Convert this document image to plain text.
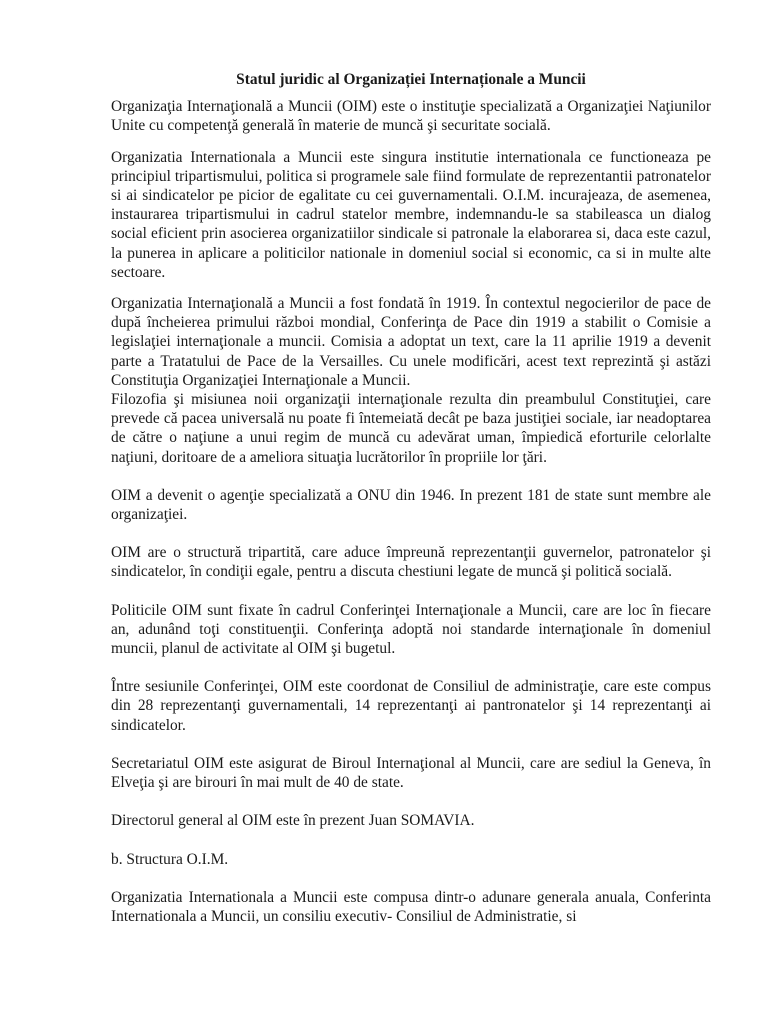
Statul juridic al Organizației Internaționale a Muncii

Organizaţia Internaţională a Muncii (OIM) este o instituţie specializată a Organizaţiei Naţiunilor Unite cu competenţă generală în materie de muncă şi securitate socială.

Organizatia Internationala a Muncii este singura institutie internationala ce functioneaza pe principiul tripartismului, politica si programele sale fiind formulate de reprezentantii patronatelor si ai sindicatelor pe picior de egalitate cu cei guvernamentali. O.I.M. incurajeaza, de asemenea, instaurarea tripartismului in cadrul statelor membre, indemnandu-le sa stabileasca un dialog social eficient prin asocierea organizatiilor sindicale si patronale la elaborarea si, daca este cazul, la punerea in aplicare a politicilor nationale in domeniul social si economic, ca si in multe alte sectoare.

Organizatia Internaţională a Muncii a fost fondată în 1919. În contextul negocierilor de pace de după încheierea primului război mondial, Conferinţa de Pace din 1919 a stabilit o Comisie a legislaţiei internaţionale a muncii. Comisia a adoptat un text, care la 11 aprilie 1919 a devenit parte a Tratatului de Pace de la Versailles. Cu unele modificări, acest text reprezintă şi astăzi Constituţia Organizaţiei Internaţionale a Muncii.

Filozofia şi misiunea noii organizaţii internaţionale rezulta din preambulul Constituţiei, care prevede că pacea universală nu poate fi întemeiată decât pe baza justiţiei sociale, iar neadoptarea de către o naţiune a unui regim de muncă cu adevărat uman, împiedică eforturile celorlalte naţiuni, doritoare de a ameliora situaţia lucrătorilor în propriile lor ţări.

OIM a devenit o agenţie specializată a ONU din 1946. In prezent 181 de state sunt membre ale organizaţiei.

OIM are o structură tripartită, care aduce împreună reprezentanţii guvernelor, patronatelor şi sindicatelor, în condiţii egale, pentru a discuta chestiuni legate de muncă şi politică socială.

Politicile OIM sunt fixate în cadrul Conferinţei Internaţionale a Muncii, care are loc în fiecare an, adunând toţi constituenţii. Conferinţa adoptă noi standarde internaţionale în domeniul muncii, planul de activitate al OIM şi bugetul.

Între sesiunile Conferinţei, OIM este coordonat de Consiliul de administraţie, care este compus din 28 reprezentanţi guvernamentali, 14 reprezentanţi ai pantronatelor şi 14 reprezentanţi ai sindicatelor.

Secretariatul OIM este asigurat de Biroul Internaţional al Muncii, care are sediul la Geneva, în Elveţia şi are birouri în mai mult de 40 de state.

Directorul general al OIM este în prezent Juan SOMAVIA.

b. Structura O.I.M.

Organizatia Internationala a Muncii este compusa dintr-o adunare generala anuala, Conferinta Internationala a Muncii, un consiliu executiv- Consiliul de Administratie, si
